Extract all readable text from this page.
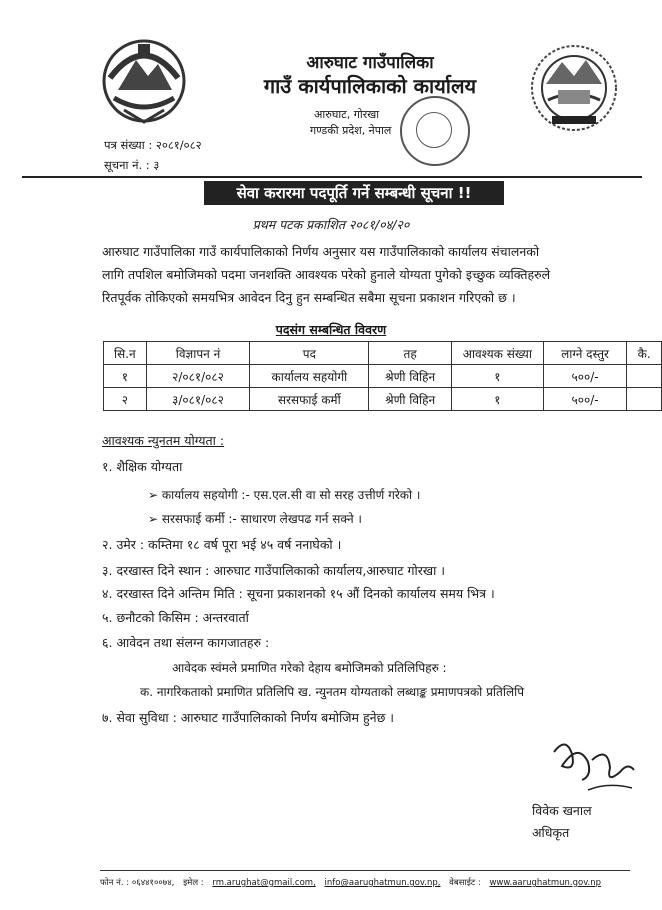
आरुघाट गाउँपालिका
गाउँ कार्यपालिकाको कार्यालय
आरुघाट, गोरखा
गण्डकी प्रदेश, नेपाल
पत्र संख्या : २०८१/०८२
सूचना नं. : ३
सेवा करारमा पदपूर्ति गर्ने सम्बन्धी सूचना !!
प्रथम पटक प्रकाशित २०८१/०४/२०
आरुघाट गाउँपालिका गाउँ कार्यपालिकाको निर्णय अनुसार यस गाउँपालिकाको कार्यालय संचालनको
लागि तपशिल बमोजिमको पदमा जनशक्ति आवश्यक परेको हुनाले योग्यता पुगेको इच्छुक व्यक्तिहरुले
रितपूर्वक तोकिएको समयभित्र आवेदन दिनु हुन सम्बन्धित सबैमा सूचना प्रकाशन गरिएको छ ।
पदसंग सम्बन्धित विवरण
सि.न	विज्ञापन नं	पद	तह	आवश्यक संख्या	लाग्ने दस्तुर	कै.
१	२/०८१/०८२	कार्यालय सहयोगी	श्रेणी विहिन	१	५००/-	
२	३/०८१/०८२	सरसफाई कर्मी	श्रेणी विहिन	१	५००/-	
आवश्यक न्युनतम योग्यता :
१. शैक्षिक योग्यता
➢ कार्यालय सहयोगी :- एस.एल.सी वा सो सरह उत्तीर्ण गरेको ।
➢ सरसफाई कर्मी :- साधारण लेखपढ गर्न सक्ने ।
२. उमेर : कम्तिमा १८ वर्ष पूरा भई ४५ वर्ष ननाघेको ।
३. दरखास्त दिने स्थान : आरुघाट गाउँपालिकाको कार्यालय,आरुघाट गोरखा ।
४. दरखास्त दिने अन्तिम मिति : सूचना प्रकाशनको १५ औं दिनको कार्यालय समय भित्र ।
५. छनौटको किसिम : अन्तरवार्ता
६. आवेदन तथा संलग्न कागजातहरु :
आवेदक स्वंमले प्रमाणित गरेको देहाय बमोजिमको प्रतिलिपिहरु :
क. नागरिकताको प्रमाणित प्रतिलिपि ख. न्युनतम योग्यताको लब्धाङ्क प्रमाणपत्रको प्रतिलिपि
७. सेवा सुविधा : आरुघाट गाउँपालिकाको निर्णय बमोजिम हुनेछ ।
विवेक खनाल
अधिकृत
फोन नं. : ०६४४१००७४, इमेल : rm.arughat@gmail.com, info@aarughatmun.gov.np, वेबसाईट : www.aarughatmun.gov.np
